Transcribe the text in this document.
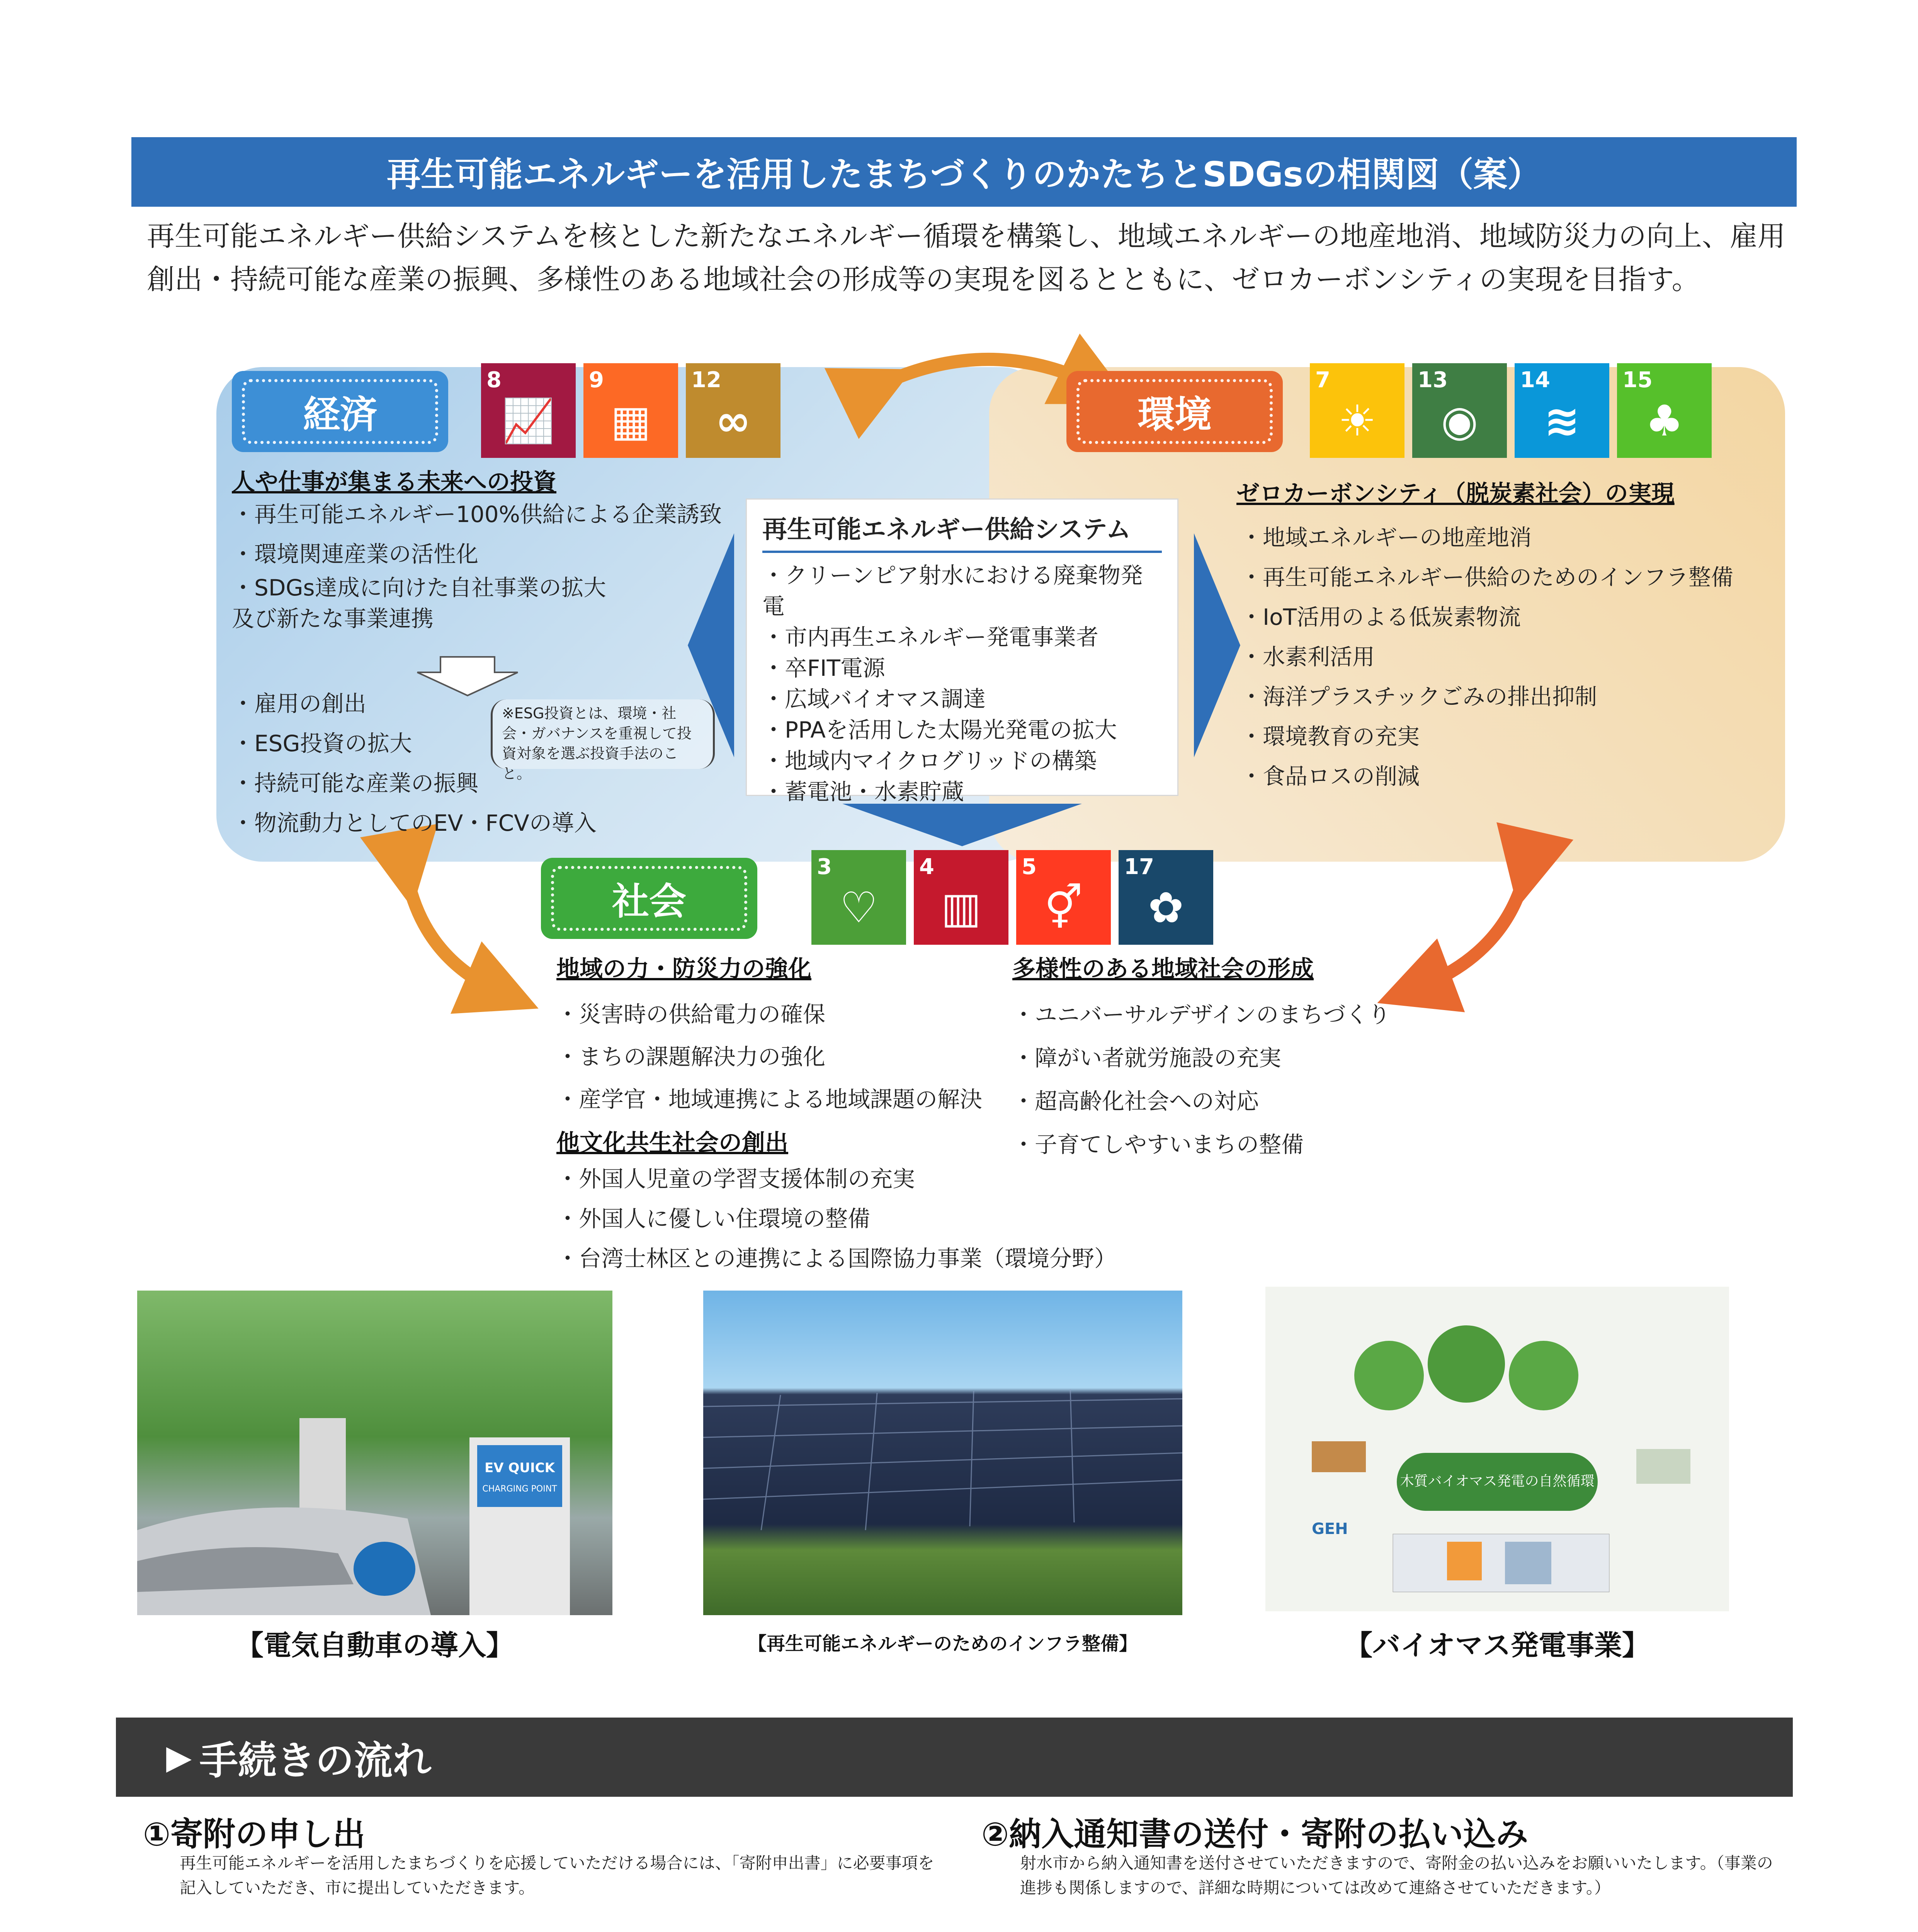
再生可能エネルギーを活用したまちづくりのかたちとSDGsの相関図（案）
再生可能エネルギー供給システムを核とした新たなエネルギー循環を構築し、地域エネルギーの地産地消、地域防災力の向上、雇用創出・持続可能な産業の振興、多様性のある地域社会の形成等の実現を図るとともに、ゼロカーボンシティの実現を目指す。
経済
8
📈
9
▦
12
∞
人や仕事が集まる未来への投資
・再生可能エネルギー100%供給による企業誘致
・環境関連産業の活性化
・SDGs達成に向けた自社事業の拡大
及び新たな事業連携
・雇用の創出
・ESG投資の拡大
・持続可能な産業の振興
・物流動力としてのEV・FCVの導入
※ESG投資とは、環境・社会・ガバナンスを重視して投資対象を選ぶ投資手法のこと。
環境
7
☀
13
◉
14
≋
15
♣
ゼロカーボンシティ（脱炭素社会）の実現
・地域エネルギーの地産地消
・再生可能エネルギー供給のためのインフラ整備
・IoT活用のよる低炭素物流
・水素利活用
・海洋プラスチックごみの排出抑制
・環境教育の充実
・食品ロスの削減
再生可能エネルギー供給システム
・クリーンピア射水における廃棄物発電
・市内再生エネルギー発電事業者
・卒FIT電源
・広域バイオマス調達
・PPAを活用した太陽光発電の拡大
・地域内マイクログリッドの構築
・蓄電池・水素貯蔵
社会
3
♡
4
▥
5
⚥
17
✿
地域の力・防災力の強化
・災害時の供給電力の確保
・まちの課題解決力の強化
・産学官・地域連携による地域課題の解決
他文化共生社会の創出
・外国人児童の学習支援体制の充実
・外国人に優しい住環境の整備
・台湾士林区との連携による国際協力事業（環境分野）
多様性のある地域社会の形成
・ユニバーサルデザインのまちづくり
・障がい者就労施設の充実
・超高齢化社会への対応
・子育てしやすいまちの整備
EV QUICK
CHARGING POINT
【電気自動車の導入】	【再生可能エネルギーのためのインフラ整備】
木質バイオマス発電の自然循環
GEH
【バイオマス発電事業】
▶ 手続きの流れ
①寄附の申し出
再生可能エネルギーを活用したまちづくりを応援していただける場合には、「寄附申出書」に必要事項を記入していただき、市に提出していただきます。
②納入通知書の送付・寄附の払い込み
射水市から納入通知書を送付させていただきますので、寄附金の払い込みをお願いいたします。（事業の進捗も関係しますので、詳細な時期については改めて連絡させていただきます。）
